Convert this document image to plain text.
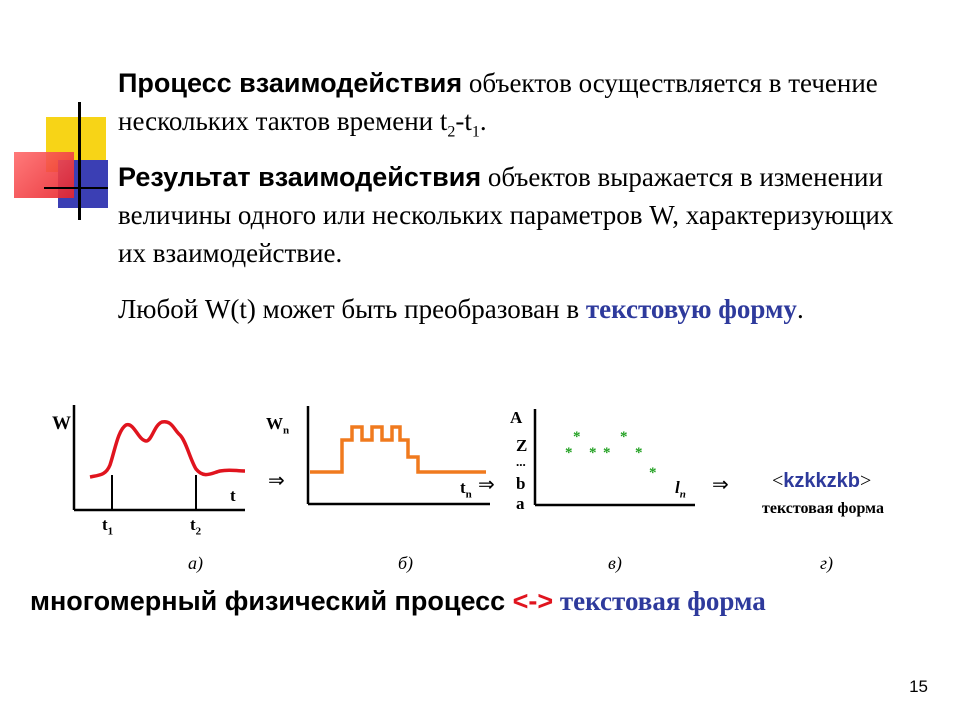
Процесс взаимодействия объектов осуществляется в течение нескольких тактов времени $t_2-t_1$.

Результат взаимодействия объектов выражается в изменении величины одного или нескольких параметров W, характеризующих их взаимодействие.

Любой W(t) может быть преобразован в текстовую форму.

W
t
$t_1$	$t_2$
⇒
$W_n$
$t_n$ ⇒
*
*
* *
*
*
*
A
Z
...
b
a
$l_n$ ⇒ <kzkkzkb>
текстовая форма
а)	б)	в)	г)
многомерный физический процесс <-> текстовая форма
15
